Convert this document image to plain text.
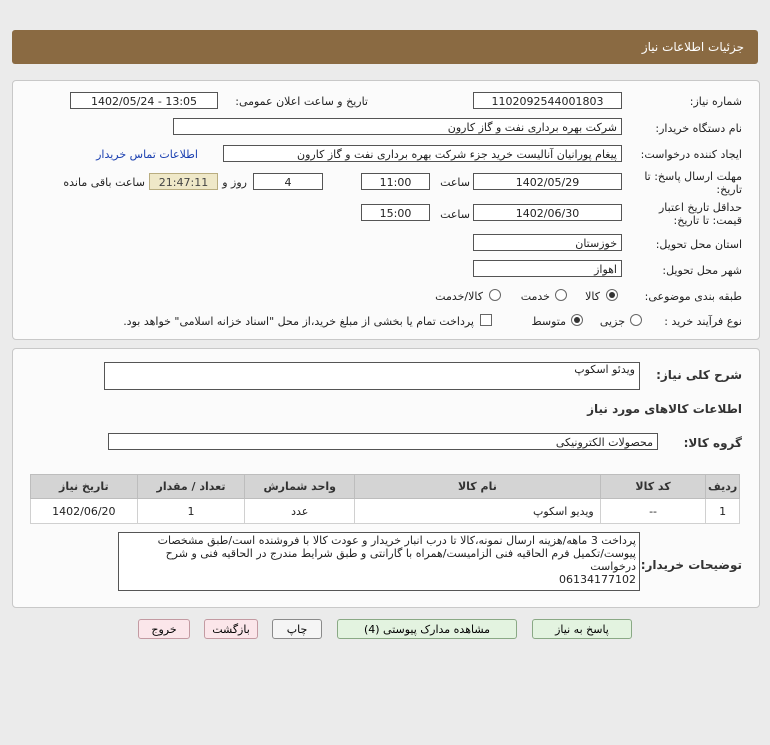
جزئیات اطلاعات نیاز
شماره نیاز:
1102092544001803
تاریخ و ساعت اعلان عمومی:
1402/05/24 - 13:05
نام دستگاه خریدار:
شرکت بهره برداری نفت و گاز کارون
ایجاد کننده درخواست:
پیغام پورانیان آنالیست خرید جزء شرکت بهره برداری نفت و گاز کارون
اطلاعات تماس خریدار
مهلت ارسال پاسخ: تا
تاریخ:
1402/05/29
ساعت
11:00
4
روز و
21:47:11
ساعت باقی مانده
حداقل تاریخ اعتبار
قیمت: تا تاریخ:
1402/06/30
ساعت
15:00
استان محل تحویل:
خوزستان
شهر محل تحویل:
اهواز
طبقه بندی موضوعی:
کالا
خدمت
کالا/خدمت
نوع فرآیند خرید :
جزیی
متوسط
پرداخت تمام یا بخشی از مبلغ خرید،از محل "اسناد خزانه اسلامی" خواهد بود.
شرح کلی نیاز:
ویدئو اسکوپ
اطلاعات کالاهای مورد نیاز
گروه کالا:
محصولات الکترونیکی
ردیف	کد کالا	نام کالا	واحد شمارش	تعداد / مقدار	تاریخ نیاز
1	--	ویدیو اسکوپ	عدد	1	1402/06/20
توضیحات خریدار:
پرداخت 3 ماهه/هزینه ارسال نمونه،کالا تا درب انبار خریدار و عودت کالا با فروشنده است/طبق مشخصات
پیوست/تکمیل فرم الحاقیه فنی الزامیست/همراه با گارانتی و طبق شرایط مندرج در الحاقیه فنی و شرح
درخواست
06134177102
پاسخ به نیاز
مشاهده مدارک پیوستی (4)
چاپ
بازگشت
خروج
